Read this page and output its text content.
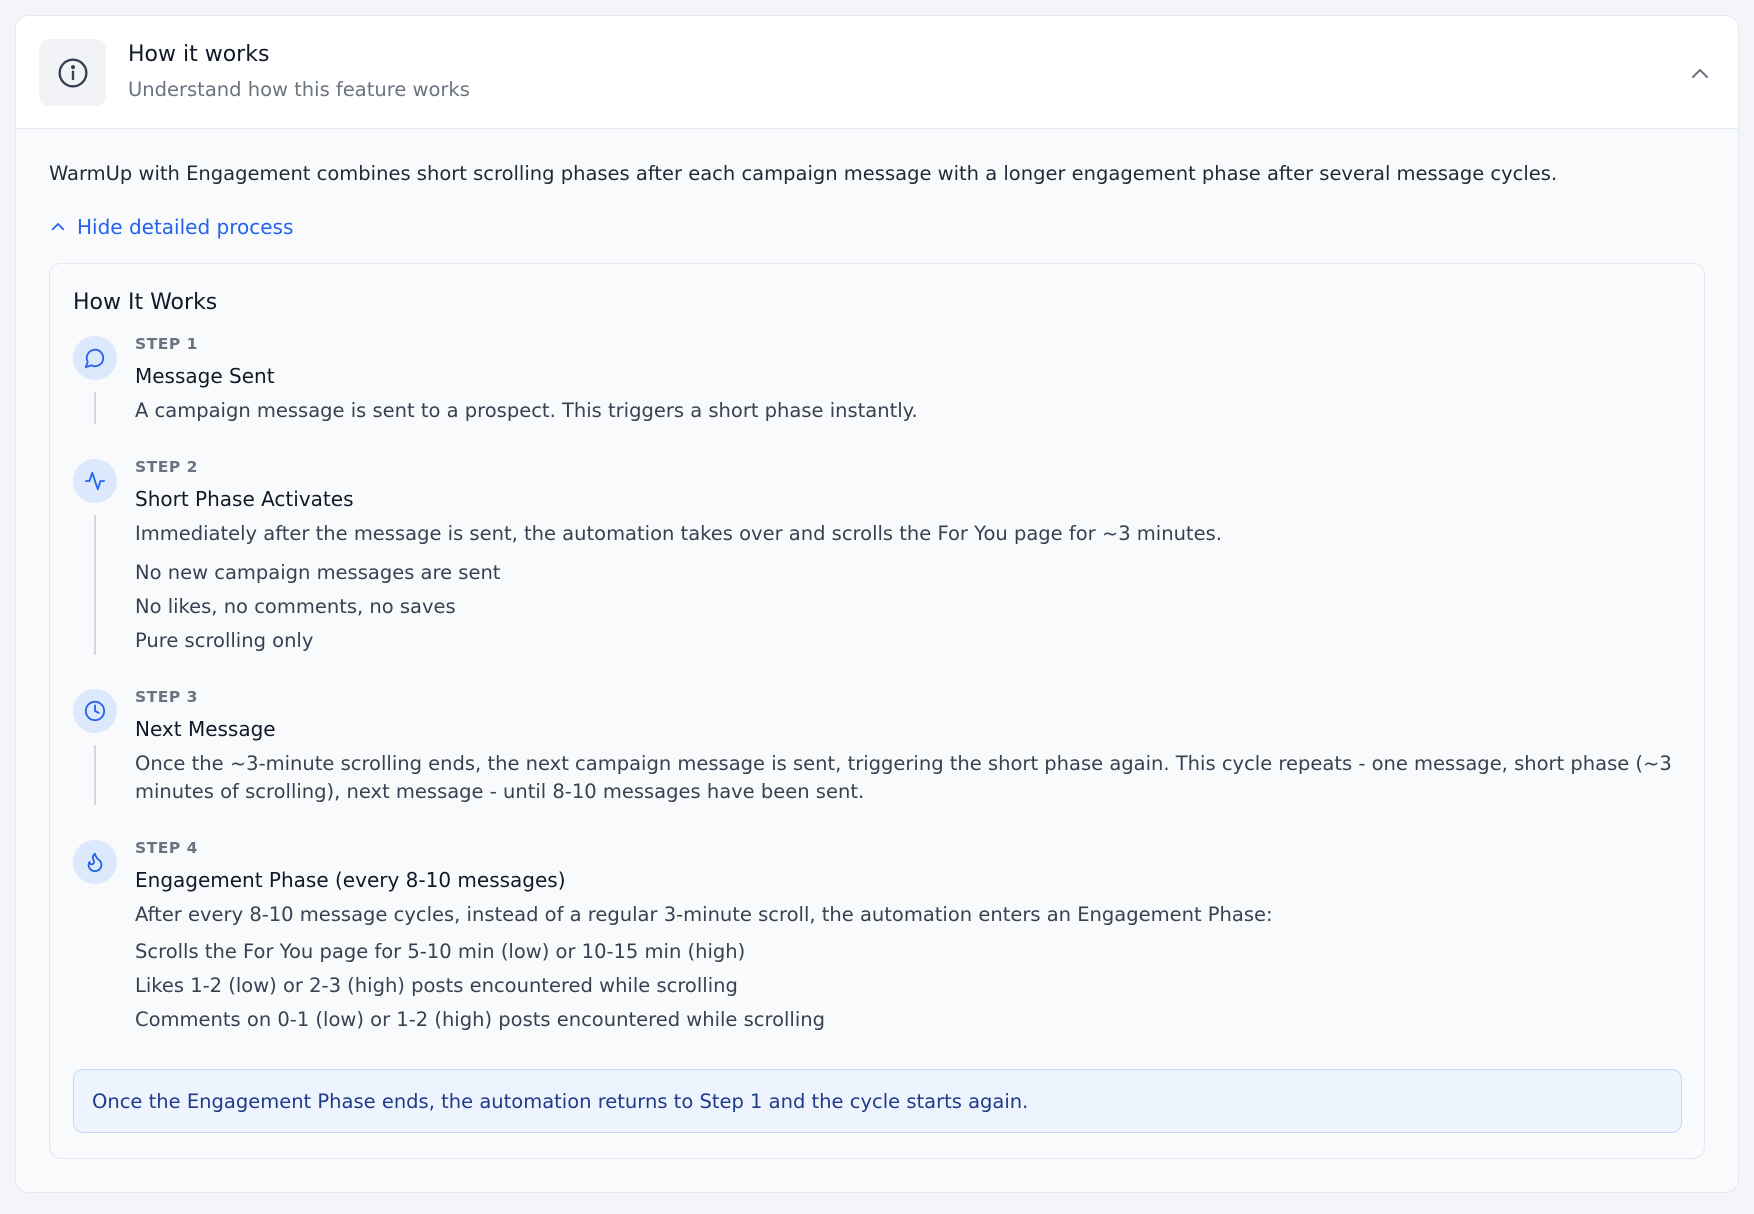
How it works
Understand how this feature works
WarmUp with Engagement combines short scrolling phases after each campaign message with a longer engagement phase after several message cycles.
Hide detailed process
How It Works
STEP 1
Message Sent
A campaign message is sent to a prospect. This triggers a short phase instantly.
STEP 2
Short Phase Activates
Immediately after the message is sent, the automation takes over and scrolls the For You page for ~3 minutes.
No new campaign messages are sent
No likes, no comments, no saves
Pure scrolling only
STEP 3
Next Message
Once the ~3-minute scrolling ends, the next campaign message is sent, triggering the short phase again. This cycle repeats - one message, short phase (~3 minutes of scrolling), next message - until 8-10 messages have been sent.
STEP 4
Engagement Phase (every 8-10 messages)
After every 8-10 message cycles, instead of a regular 3-minute scroll, the automation enters an Engagement Phase:
Scrolls the For You page for 5-10 min (low) or 10-15 min (high)
Likes 1-2 (low) or 2-3 (high) posts encountered while scrolling
Comments on 0-1 (low) or 1-2 (high) posts encountered while scrolling
Once the Engagement Phase ends, the automation returns to Step 1 and the cycle starts again.
